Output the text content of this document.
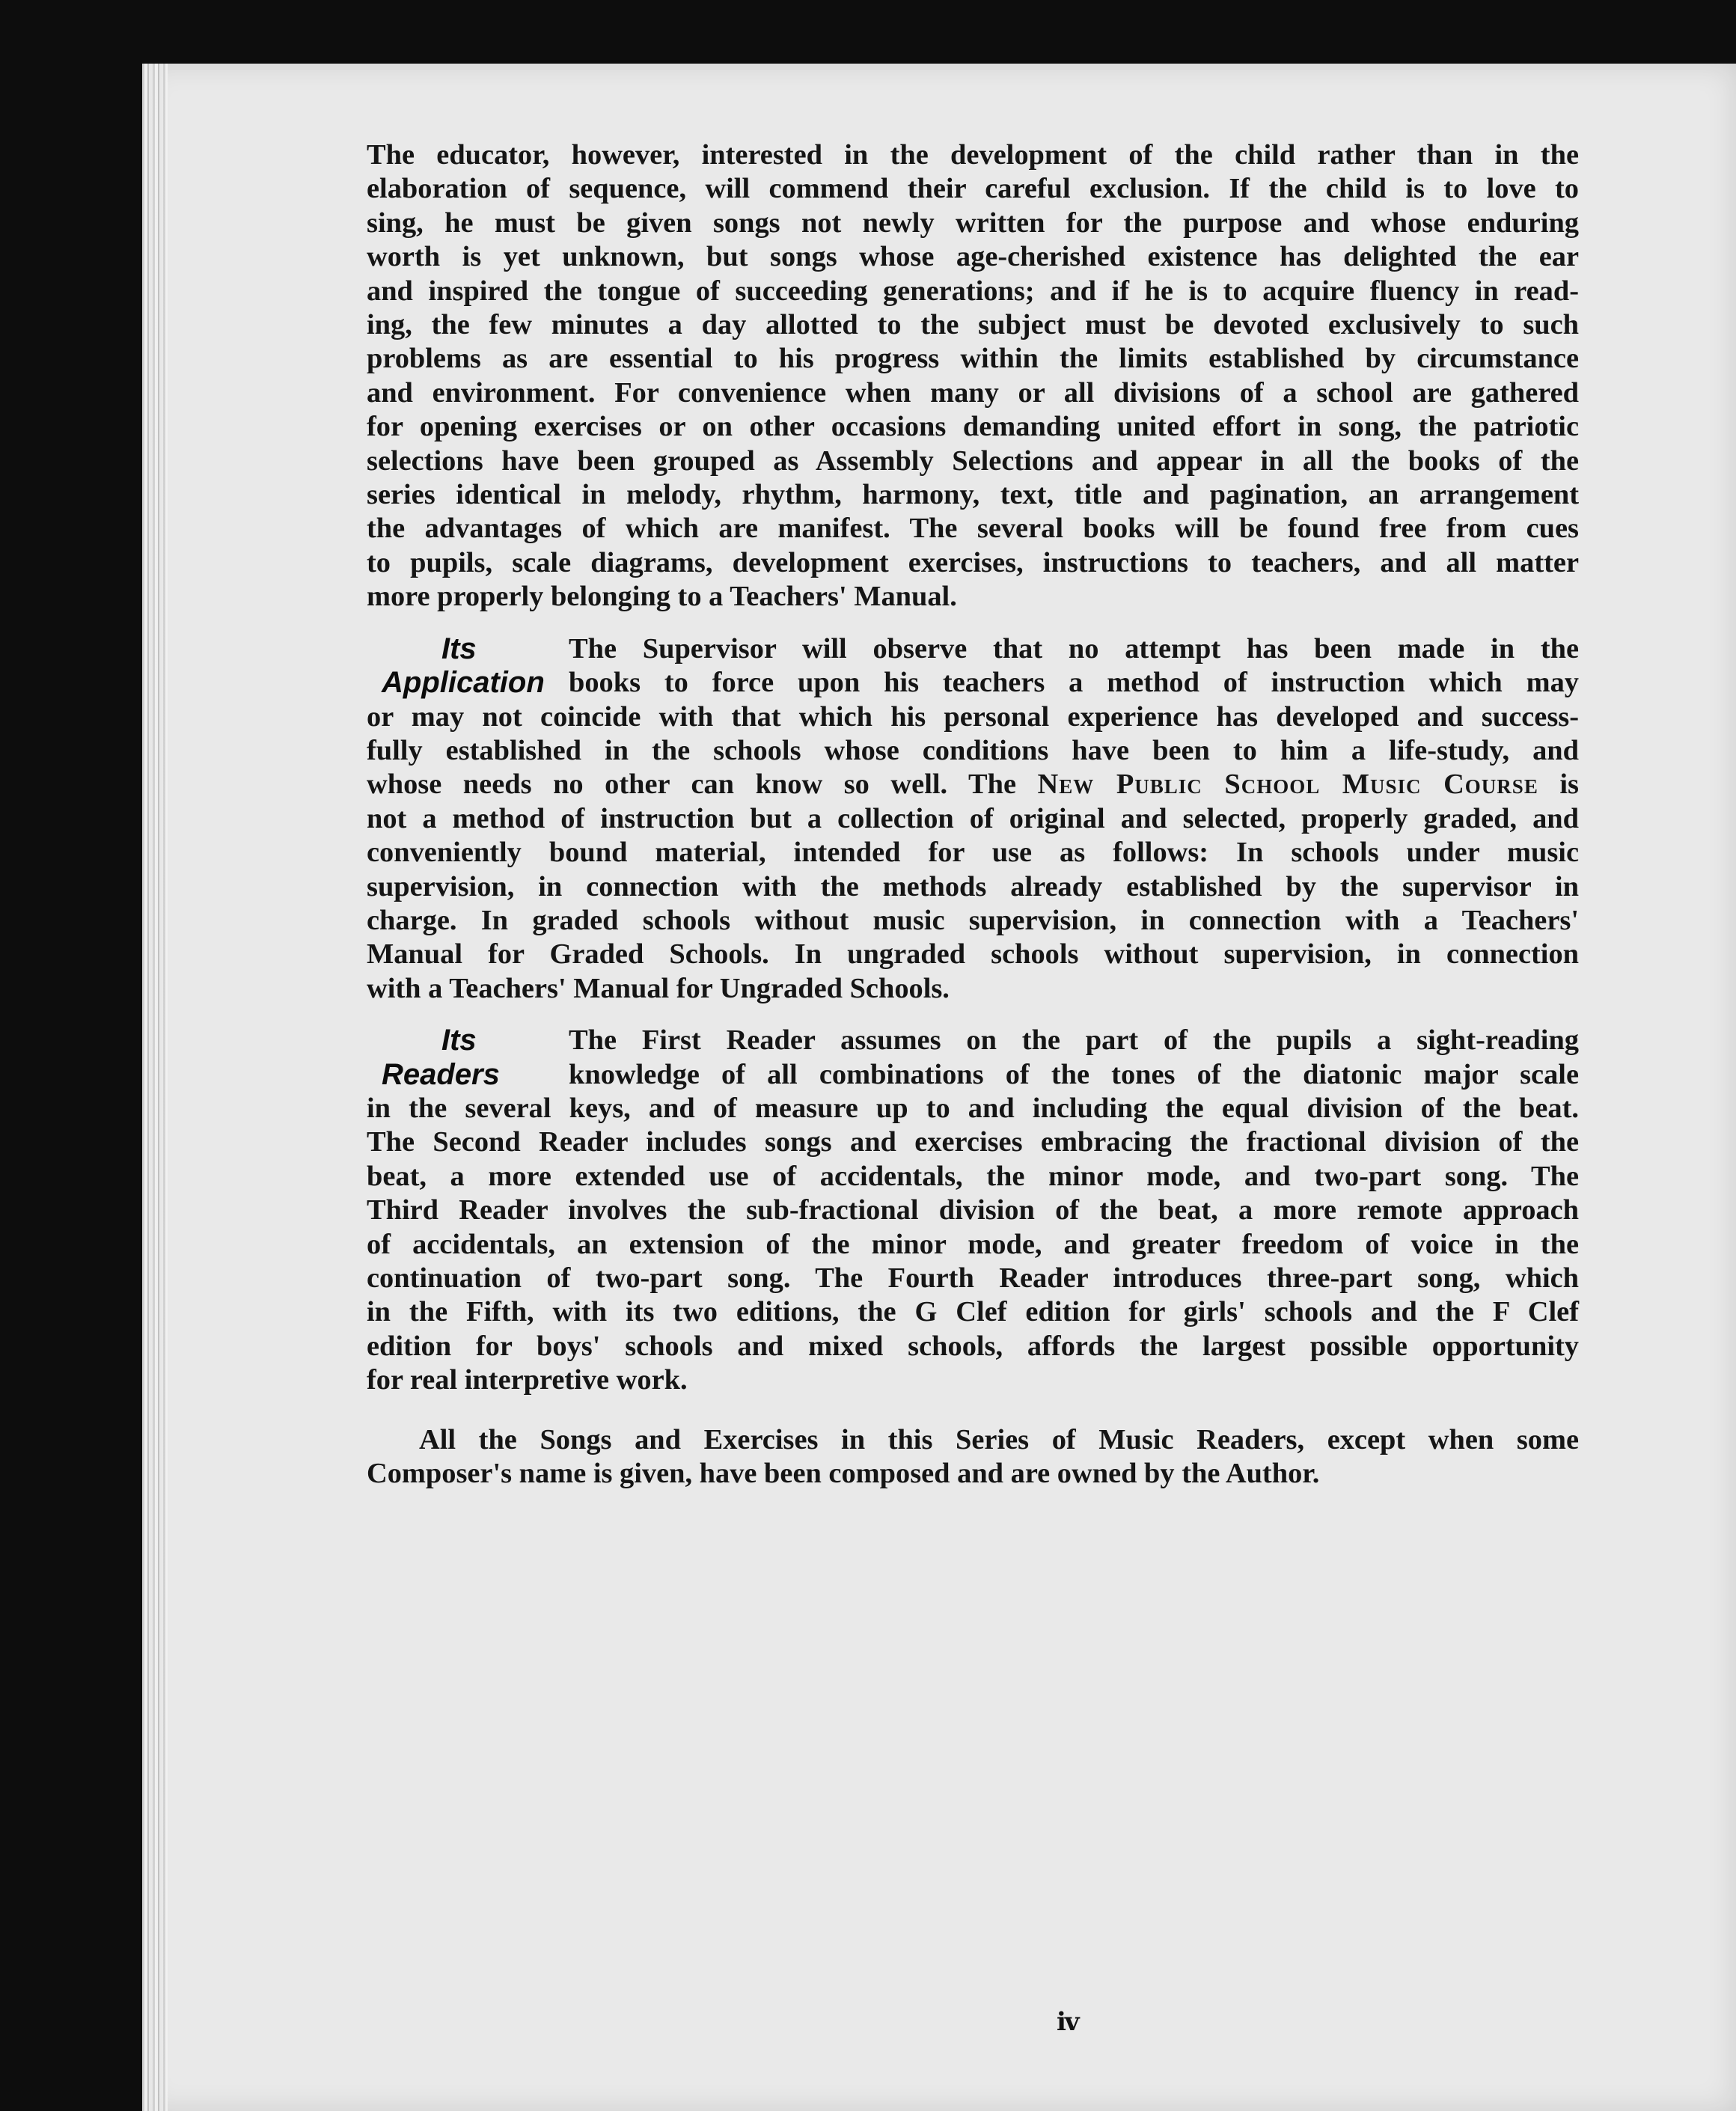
The educator, however, interested in the development of the child rather than in the
elaboration of sequence, will commend their careful exclusion. If the child is to love to
sing, he must be given songs not newly written for the purpose and whose enduring
worth is yet unknown, but songs whose age-cherished existence has delighted the ear
and inspired the tongue of succeeding generations; and if he is to acquire fluency in read-
ing, the few minutes a day allotted to the subject must be devoted exclusively to such
problems as are essential to his progress within the limits established by circumstance
and environment. For convenience when many or all divisions of a school are gathered
for opening exercises or on other occasions demanding united effort in song, the patriotic
selections have been grouped as Assembly Selections and appear in all the books of the
series identical in melody, rhythm, harmony, text, title and pagination, an arrangement
the advantages of which are manifest. The several books will be found free from cues
to pupils, scale diagrams, development exercises, instructions to teachers, and all matter
more properly belonging to a Teachers' Manual.

Its
Application
The Supervisor will observe that no attempt has been made in the
books to force upon his teachers a method of instruction which may
or may not coincide with that which his personal experience has developed and success-
fully established in the schools whose conditions have been to him a life-study, and
whose needs no other can know so well. The New Public School Music Course is
not a method of instruction but a collection of original and selected, properly graded, and
conveniently bound material, intended for use as follows: In schools under music
supervision, in connection with the methods already established by the supervisor in
charge. In graded schools without music supervision, in connection with a Teachers'
Manual for Graded Schools. In ungraded schools without supervision, in connection
with a Teachers' Manual for Ungraded Schools.
Its
Readers
The First Reader assumes on the part of the pupils a sight-reading
knowledge of all combinations of the tones of the diatonic major scale
in the several keys, and of measure up to and including the equal division of the beat.
The Second Reader includes songs and exercises embracing the fractional division of the
beat, a more extended use of accidentals, the minor mode, and two-part song. The
Third Reader involves the sub-fractional division of the beat, a more remote approach
of accidentals, an extension of the minor mode, and greater freedom of voice in the
continuation of two-part song. The Fourth Reader introduces three-part song, which
in the Fifth, with its two editions, the G Clef edition for girls' schools and the F Clef
edition for boys' schools and mixed schools, affords the largest possible opportunity
for real interpretive work.

All the Songs and Exercises in this Series of Music Readers, except when some
Composer's name is given, have been composed and are owned by the Author.

iv
